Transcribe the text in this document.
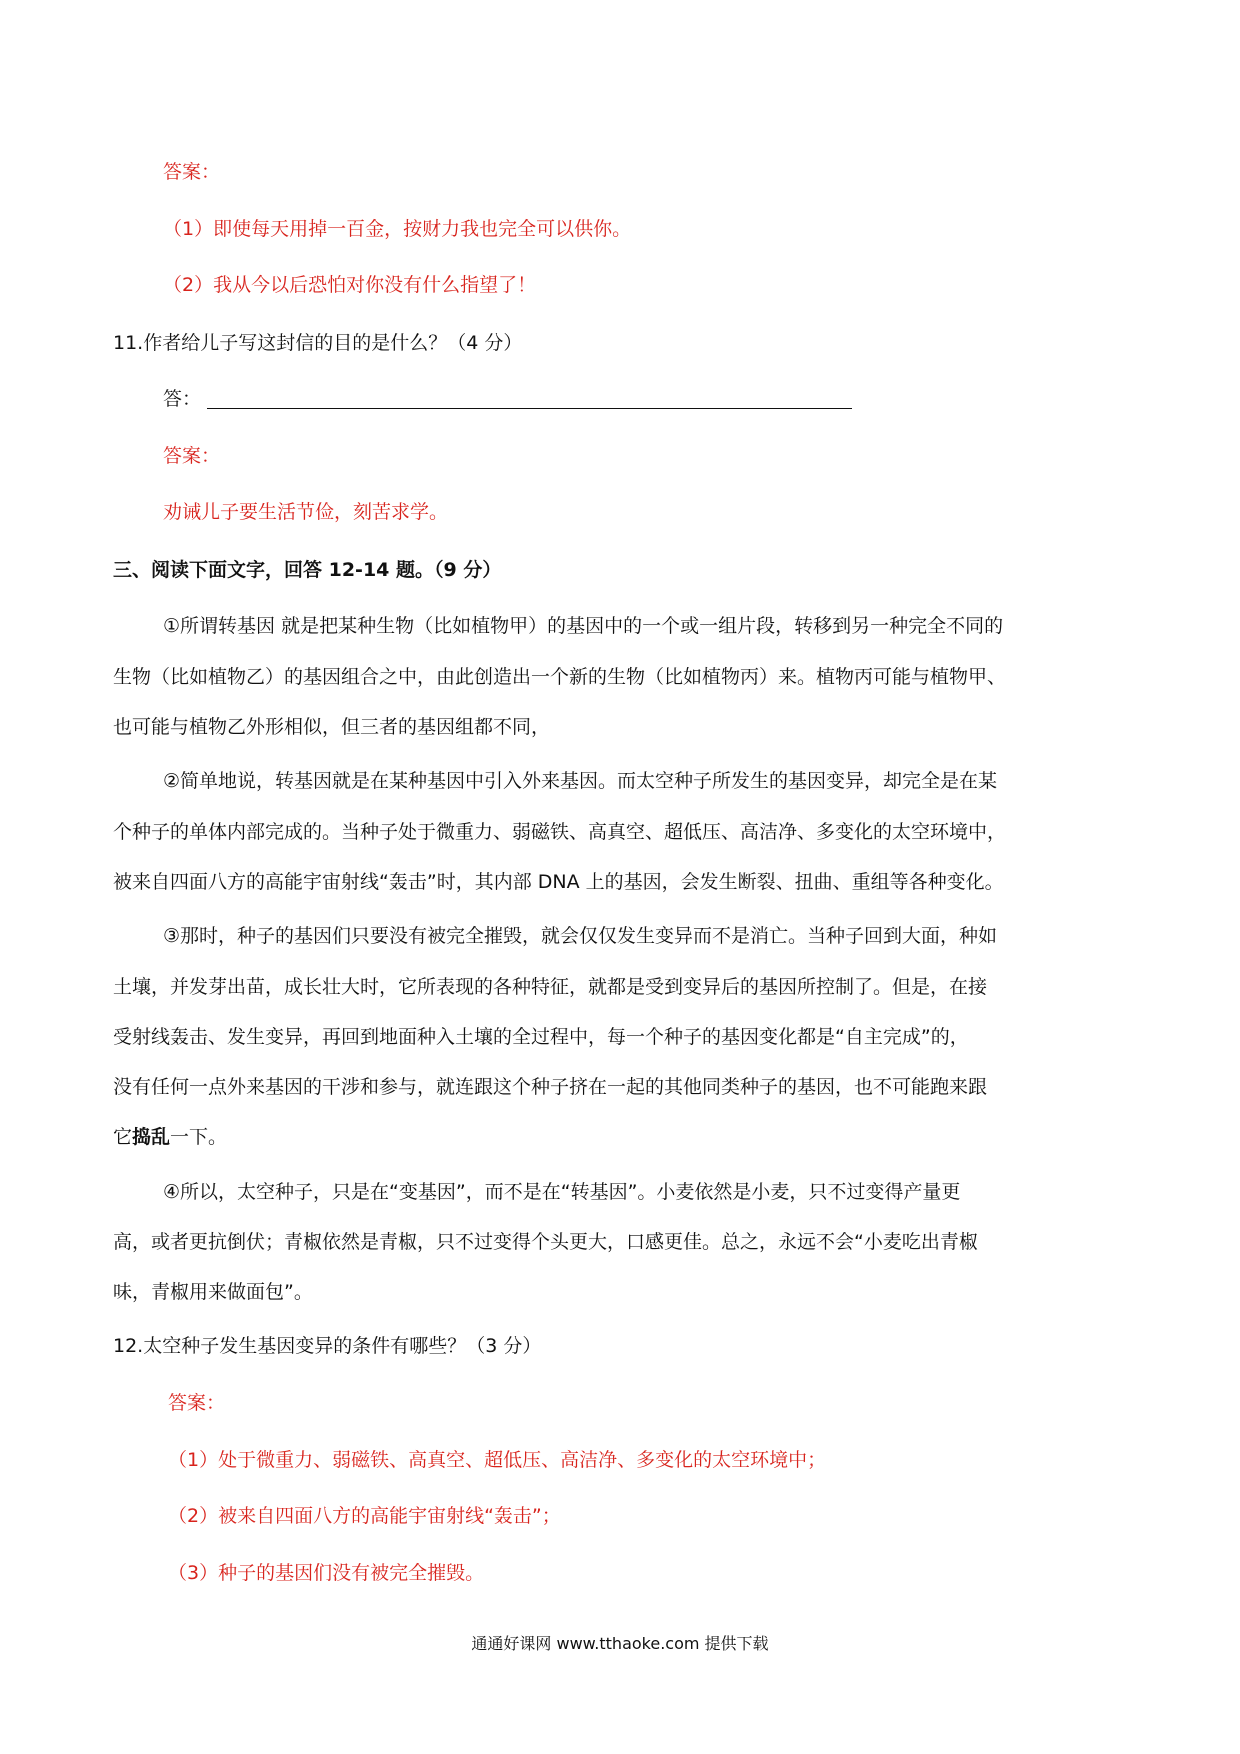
答案：
（1）即使每天用掉一百金，按财力我也完全可以供你。
（2）我从今以后恐怕对你没有什么指望了！
11.作者给儿子写这封信的目的是什么？（4 分）
答：
答案：
劝诫儿子要生活节俭，刻苦求学。
三、阅读下面文字，回答 12-14 题。（9 分）
①所谓转基因 就是把某种生物（比如植物甲）的基因中的一个或一组片段，转移到另一种完全不同的
生物（比如植物乙）的基因组合之中，由此创造出一个新的生物（比如植物丙）来。植物丙可能与植物甲、
也可能与植物乙外形相似，但三者的基因组都不同，
②简单地说，转基因就是在某种基因中引入外来基因。而太空种子所发生的基因变异，却完全是在某
个种子的单体内部完成的。当种子处于微重力、弱磁铁、高真空、超低压、高洁净、多变化的太空环境中，
被来自四面八方的高能宇宙射线“轰击”时，其内部 DNA 上的基因，会发生断裂、扭曲、重组等各种变化。
③那时，种子的基因们只要没有被完全摧毁，就会仅仅发生变异而不是消亡。当种子回到大面，种如
土壤，并发芽出苗，成长壮大时，它所表现的各种特征，就都是受到变异后的基因所控制了。但是，在接
受射线轰击、发生变异，再回到地面种入土壤的全过程中，每一个种子的基因变化都是“自主完成”的，
没有任何一点外来基因的干涉和参与，就连跟这个种子挤在一起的其他同类种子的基因，也不可能跑来跟
它捣乱一下。
④所以，太空种子，只是在“变基因”，而不是在“转基因”。小麦依然是小麦，只不过变得产量更
高，或者更抗倒伏；青椒依然是青椒，只不过变得个头更大，口感更佳。总之，永远不会“小麦吃出青椒
味，青椒用来做面包”。
12.太空种子发生基因变异的条件有哪些？（3 分）
答案：
（1）处于微重力、弱磁铁、高真空、超低压、高洁净、多变化的太空环境中；
（2）被来自四面八方的高能宇宙射线“轰击”；
（3）种子的基因们没有被完全摧毁。
通通好课网 www.tthaoke.com 提供下载
